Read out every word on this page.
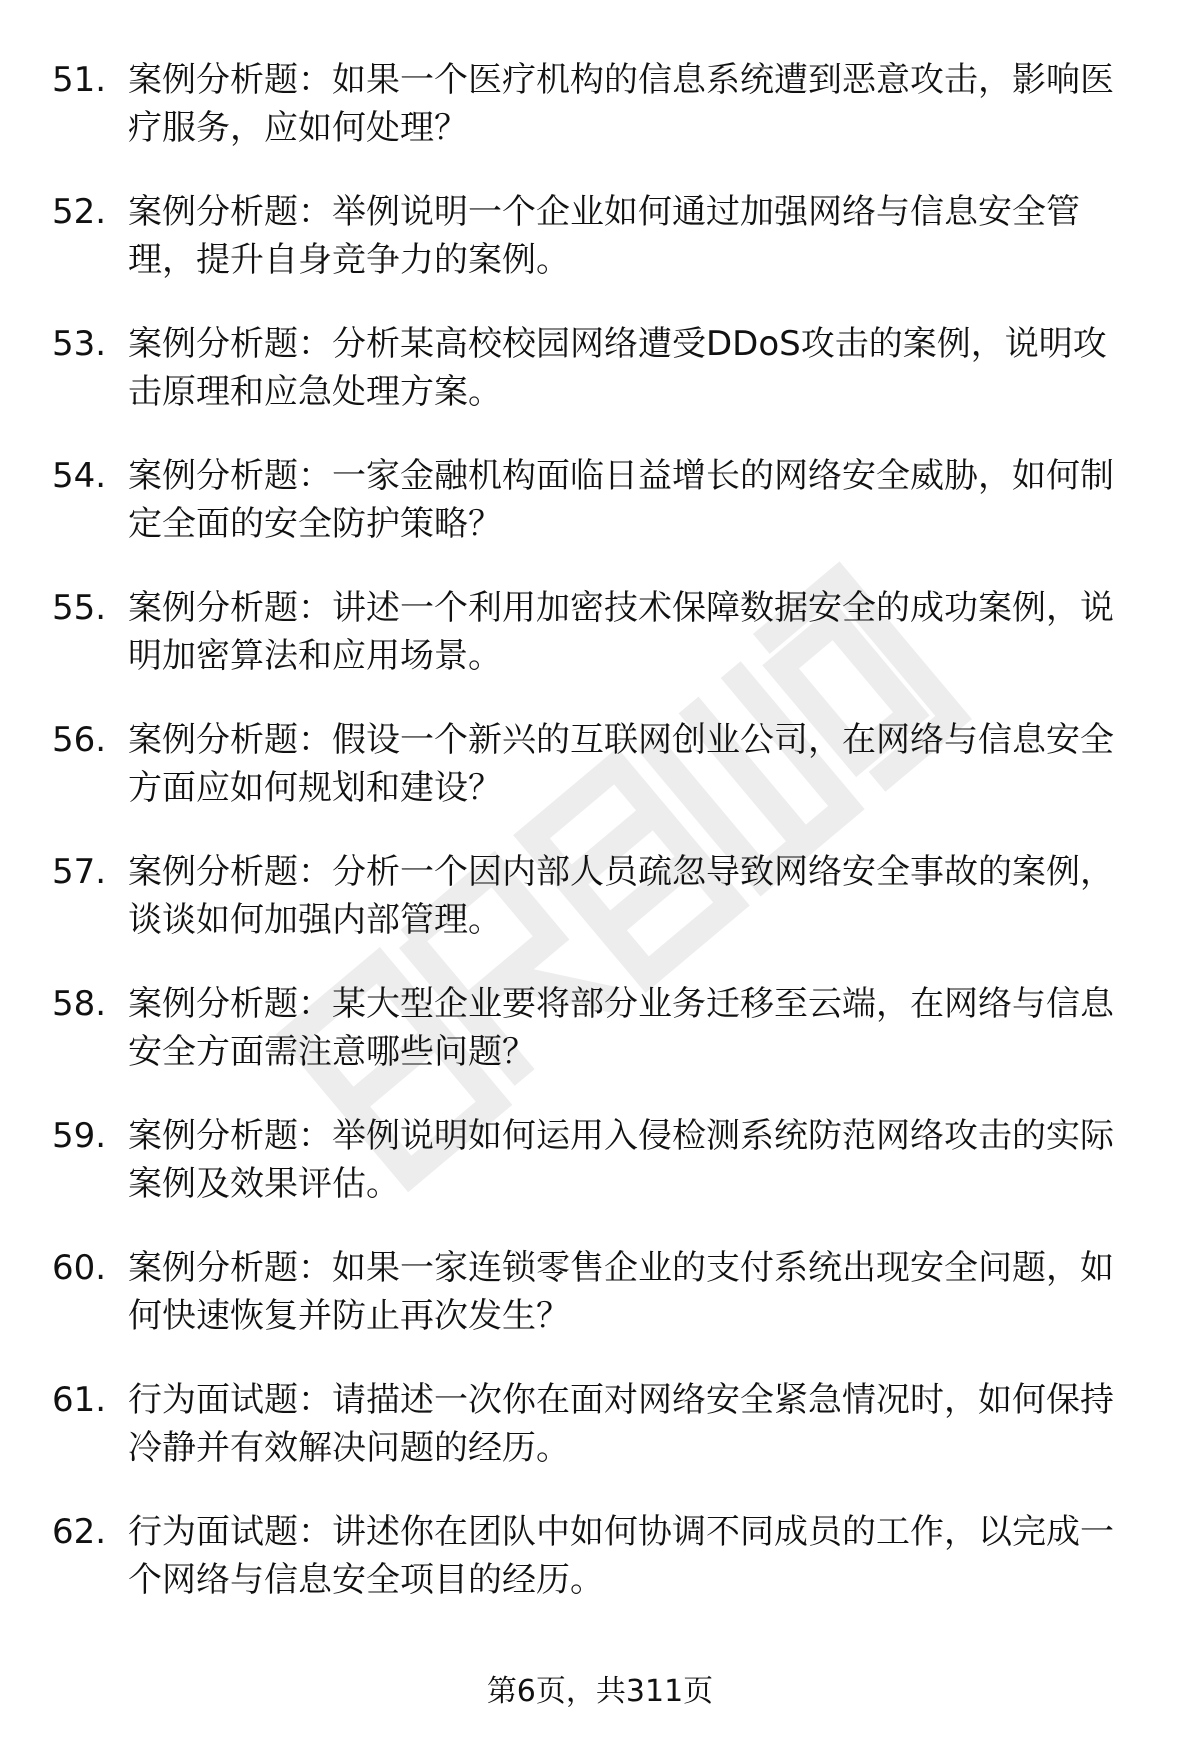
51. 案例分析题：如果一个医疗机构的信息系统遭到恶意攻击，影响医疗服务，应如何处理？
52. 案例分析题：举例说明一个企业如何通过加强网络与信息安全管理，提升自身竞争力的案例。
53. 案例分析题：分析某高校校园网络遭受DDoS攻击的案例，说明攻击原理和应急处理方案。
54. 案例分析题：一家金融机构面临日益增长的网络安全威胁，如何制定全面的安全防护策略？
55. 案例分析题：讲述一个利用加密技术保障数据安全的成功案例，说明加密算法和应用场景。
56. 案例分析题：假设一个新兴的互联网创业公司，在网络与信息安全方面应如何规划和建设？
57. 案例分析题：分析一个因内部人员疏忽导致网络安全事故的案例，谈谈如何加强内部管理。
58. 案例分析题：某大型企业要将部分业务迁移至云端，在网络与信息安全方面需注意哪些问题？
59. 案例分析题：举例说明如何运用入侵检测系统防范网络攻击的实际案例及效果评估。
60. 案例分析题：如果一家连锁零售企业的支付系统出现安全问题，如何快速恢复并防止再次发生？
61. 行为面试题：请描述一次你在面对网络安全紧急情况时，如何保持冷静并有效解决问题的经历。
62. 行为面试题：讲述你在团队中如何协调不同成员的工作，以完成一个网络与信息安全项目的经历。
第6页，共311页
